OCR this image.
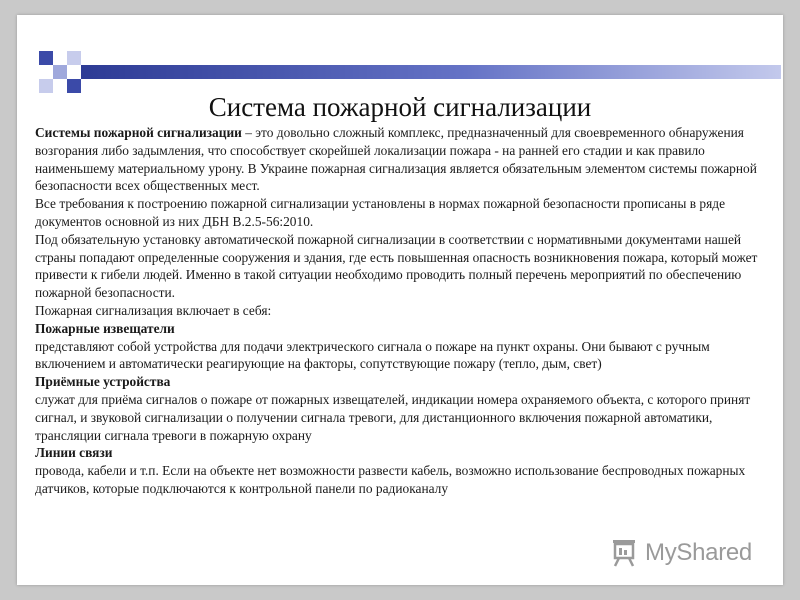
Система пожарной сигнализации

Системы пожарной сигнализации – это довольно сложный комплекс, предназначенный для своевременного обнаружения возгорания либо задымления, что способствует скорейшей локализации пожара - на ранней его стадии и как правило наименьшему материальному урону. В Украине пожарная сигнализация является обязательным элементом системы пожарной безопасности всех общественных мест.

Все требования к построению пожарной сигнализации установлены в нормах пожарной безопасности прописаны в ряде документов основной из них ДБН В.2.5-56:2010.

Под обязательную установку автоматической пожарной сигнализации в соответствии с нормативными документами нашей страны попадают определенные сооружения и здания, где есть повышенная опасность возникновения пожара, который может привести к гибели людей. Именно в такой ситуации необходимо проводить полный перечень мероприятий по обеспечению пожарной безопасности.

Пожарная сигнализация включает в себя:

Пожарные извещатели

представляют собой устройства для подачи электрического сигнала о пожаре на пункт охраны. Они бывают с ручным включением и автоматически реагирующие на факторы, сопутствующие пожару (тепло, дым, свет)

Приёмные устройства

служат для приёма сигналов о пожаре от пожарных извещателей, индикации номера охраняемого объекта, с которого принят сигнал, и звуковой сигнализации о получении сигнала тревоги, для дистанционного включения пожарной автоматики, трансляции сигнала тревоги в пожарную охрану

Линии связи

провода, кабели и т.п. Если на объекте нет возможности развести кабель, возможно использование беспроводных пожарных датчиков, которые подключаются к контрольной панели по радиоканалу

MyShared
